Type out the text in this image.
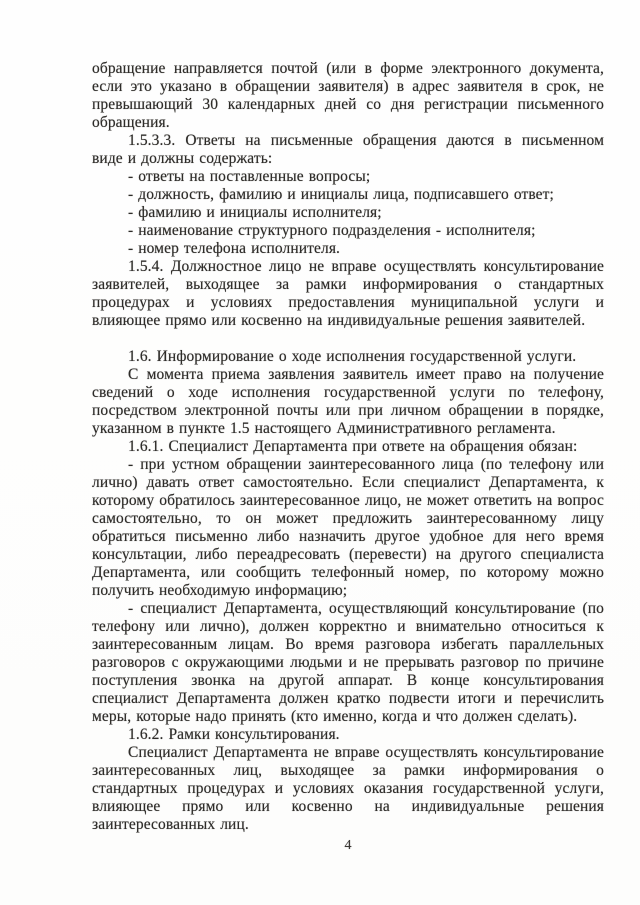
обращение направляется почтой (или в форме электронного документа, если это указано в обращении заявителя) в адрес заявителя в срок, не превышающий 30 календарных дней со дня регистрации письменного обращения.

1.5.3.3. Ответы на письменные обращения даются в письменном виде и должны содержать:

- ответы на поставленные вопросы;

- должность, фамилию и инициалы лица, подписавшего ответ;

- фамилию и инициалы исполнителя;

- наименование структурного подразделения - исполнителя;

- номер телефона исполнителя.

1.5.4. Должностное лицо не вправе осуществлять консультирование заявителей, выходящее за рамки информирования о стандартных процедурах и условиях предоставления муниципальной услуги и влияющее прямо или косвенно на индивидуальные решения заявителей.

1.6. Информирование о ходе исполнения государственной услуги.

С момента приема заявления заявитель имеет право на получение сведений о ходе исполнения государственной услуги по телефону, посредством электронной почты или при личном обращении в порядке, указанном в пункте 1.5 настоящего Административного регламента.

1.6.1. Специалист Департамента при ответе на обращения обязан:

- при устном обращении заинтересованного лица (по телефону или лично) давать ответ самостоятельно. Если специалист Департамента, к которому обратилось заинтересованное лицо, не может ответить на вопрос самостоятельно, то он может предложить заинтересованному лицу обратиться письменно либо назначить другое удобное для него время консультации, либо переадресовать (перевести) на другого специалиста Департамента, или сообщить телефонный номер, по которому можно получить необходимую информацию;

- специалист Департамента, осуществляющий консультирование (по телефону или лично), должен корректно и внимательно относиться к заинтересованным лицам. Во время разговора избегать параллельных разговоров с окружающими людьми и не прерывать разговор по причине поступления звонка на другой аппарат. В конце консультирования специалист Департамента должен кратко подвести итоги и перечислить меры, которые надо принять (кто именно, когда и что должен сделать).

1.6.2. Рамки консультирования.

Специалист Департамента не вправе осуществлять консультирование заинтересованных лиц, выходящее за рамки информирования о стандартных процедурах и условиях оказания государственной услуги, влияющее прямо или косвенно на индивидуальные решения заинтересованных лиц.

4
